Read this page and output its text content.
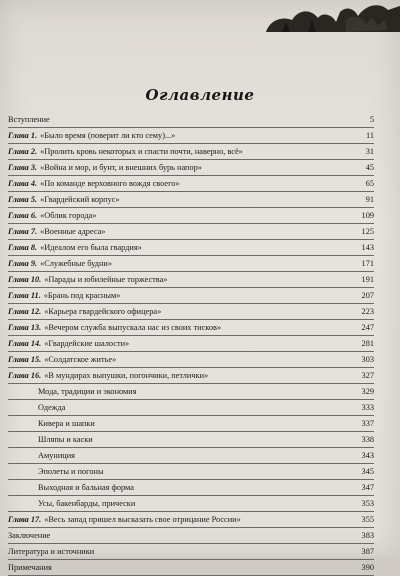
Оглавление
Вступление	5
Глава 1. «Было время (поверит ли кто сему)...»	11
Глава 2. «Пролить кровь некоторых и спасти почти, наверно, всё»	31
Глава 3. «Война и мор, и бунт, и внешних бурь напор»	45
Глава 4. «По команде верховного вождя своего»	65
Глава 5. «Гвардейский корпус»	91
Глава 6. «Облик города»	109
Глава 7. «Военные адреса»	125
Глава 8. «Идеалом его была гвардия»	143
Глава 9. «Служебные будни»	171
Глава 10. «Парады и юбилейные торжества»	191
Глава 11. «Брань под красным»	207
Глава 12. «Карьера гвардейского офицера»	223
Глава 13. «Вечером служба выпускала нас из своих тисков»	247
Глава 14. «Гвардейские шалости»	281
Глава 15. «Солдатское житье»	303
Глава 16. «В мундирах выпушки, погончики, петлички»	327
Мода, традиции и экономия	329
Одежда	333
Кивера и шапки	337
Шляпы и каски	338
Амуниция	343
Эполеты и погоны	345
Выходная и бальная форма	347
Усы, бакенбарды, прически	353
Глава 17. «Весь запад пришел высказать свое отрицание России»	355
Заключение	383
Литература и источники	387
Примечания	390
